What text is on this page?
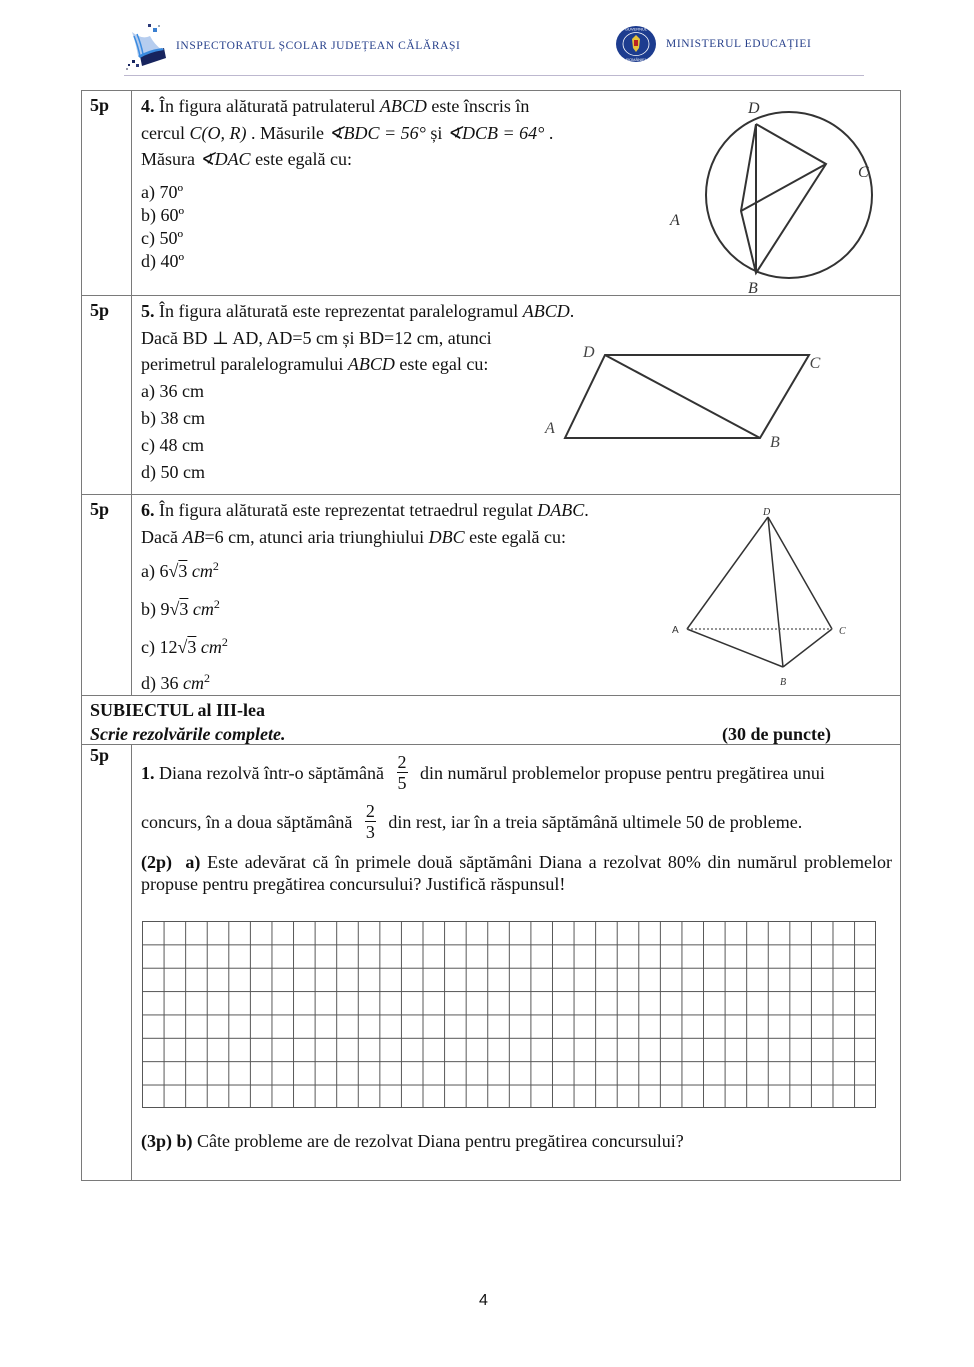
INSPECTORATUL ȘCOLAR JUDEȚEAN CĂLĂRAȘI
GUVERNUL
ROMÂNIEI
MINISTERUL EDUCAȚIEI
5p	4. În figura alăturată patrulaterul ABCD este înscris în
cercul C(O, R) . Măsurile ∢BDC = 56° și ∢DCB = 64° .
Măsura ∢DAC este egală cu:
a) 70º
b) 60º
c) 50º
d) 40º
D
C
A
B
5p	5. În figura alăturată este reprezentat paralelogramul ABCD.
Dacă BD ⊥ AD, AD=5 cm și BD=12 cm, atunci
perimetrul paralelogramului ABCD este egal cu:
a) 36 cm
b) 38 cm
c) 48 cm
d) 50 cm
D
C
A
B
5p	6. În figura alăturată este reprezentat tetraedrul regulat DABC.
Dacă AB=6 cm, atunci aria triunghiului DBC este egală cu:
a) 6√3 $cm^2$
b) 9√3 $cm^2$
c) 12√3 $cm^2$
d) 36 $cm^2$
D
A	C
B
SUBIECTUL al III-lea
Scrie rezolvările complete.	(30 de puncte)
5p
1. Diana rezolvă într-o săptămână $\frac{2}{5}$ din numărul problemelor propuse pentru pregătirea unui
concurs, în a doua săptămână $\frac{2}{3}$ din rest, iar în a treia săptămână ultimele 50 de probleme.
(2p) a) Este adevărat că în primele două săptămâni Diana a rezolvat 80% din numărul problemelor propuse pentru pregătirea concursului? Justifică răspunsul!
(3p) b) Câte probleme are de rezolvat Diana pentru pregătirea concursului?
4
